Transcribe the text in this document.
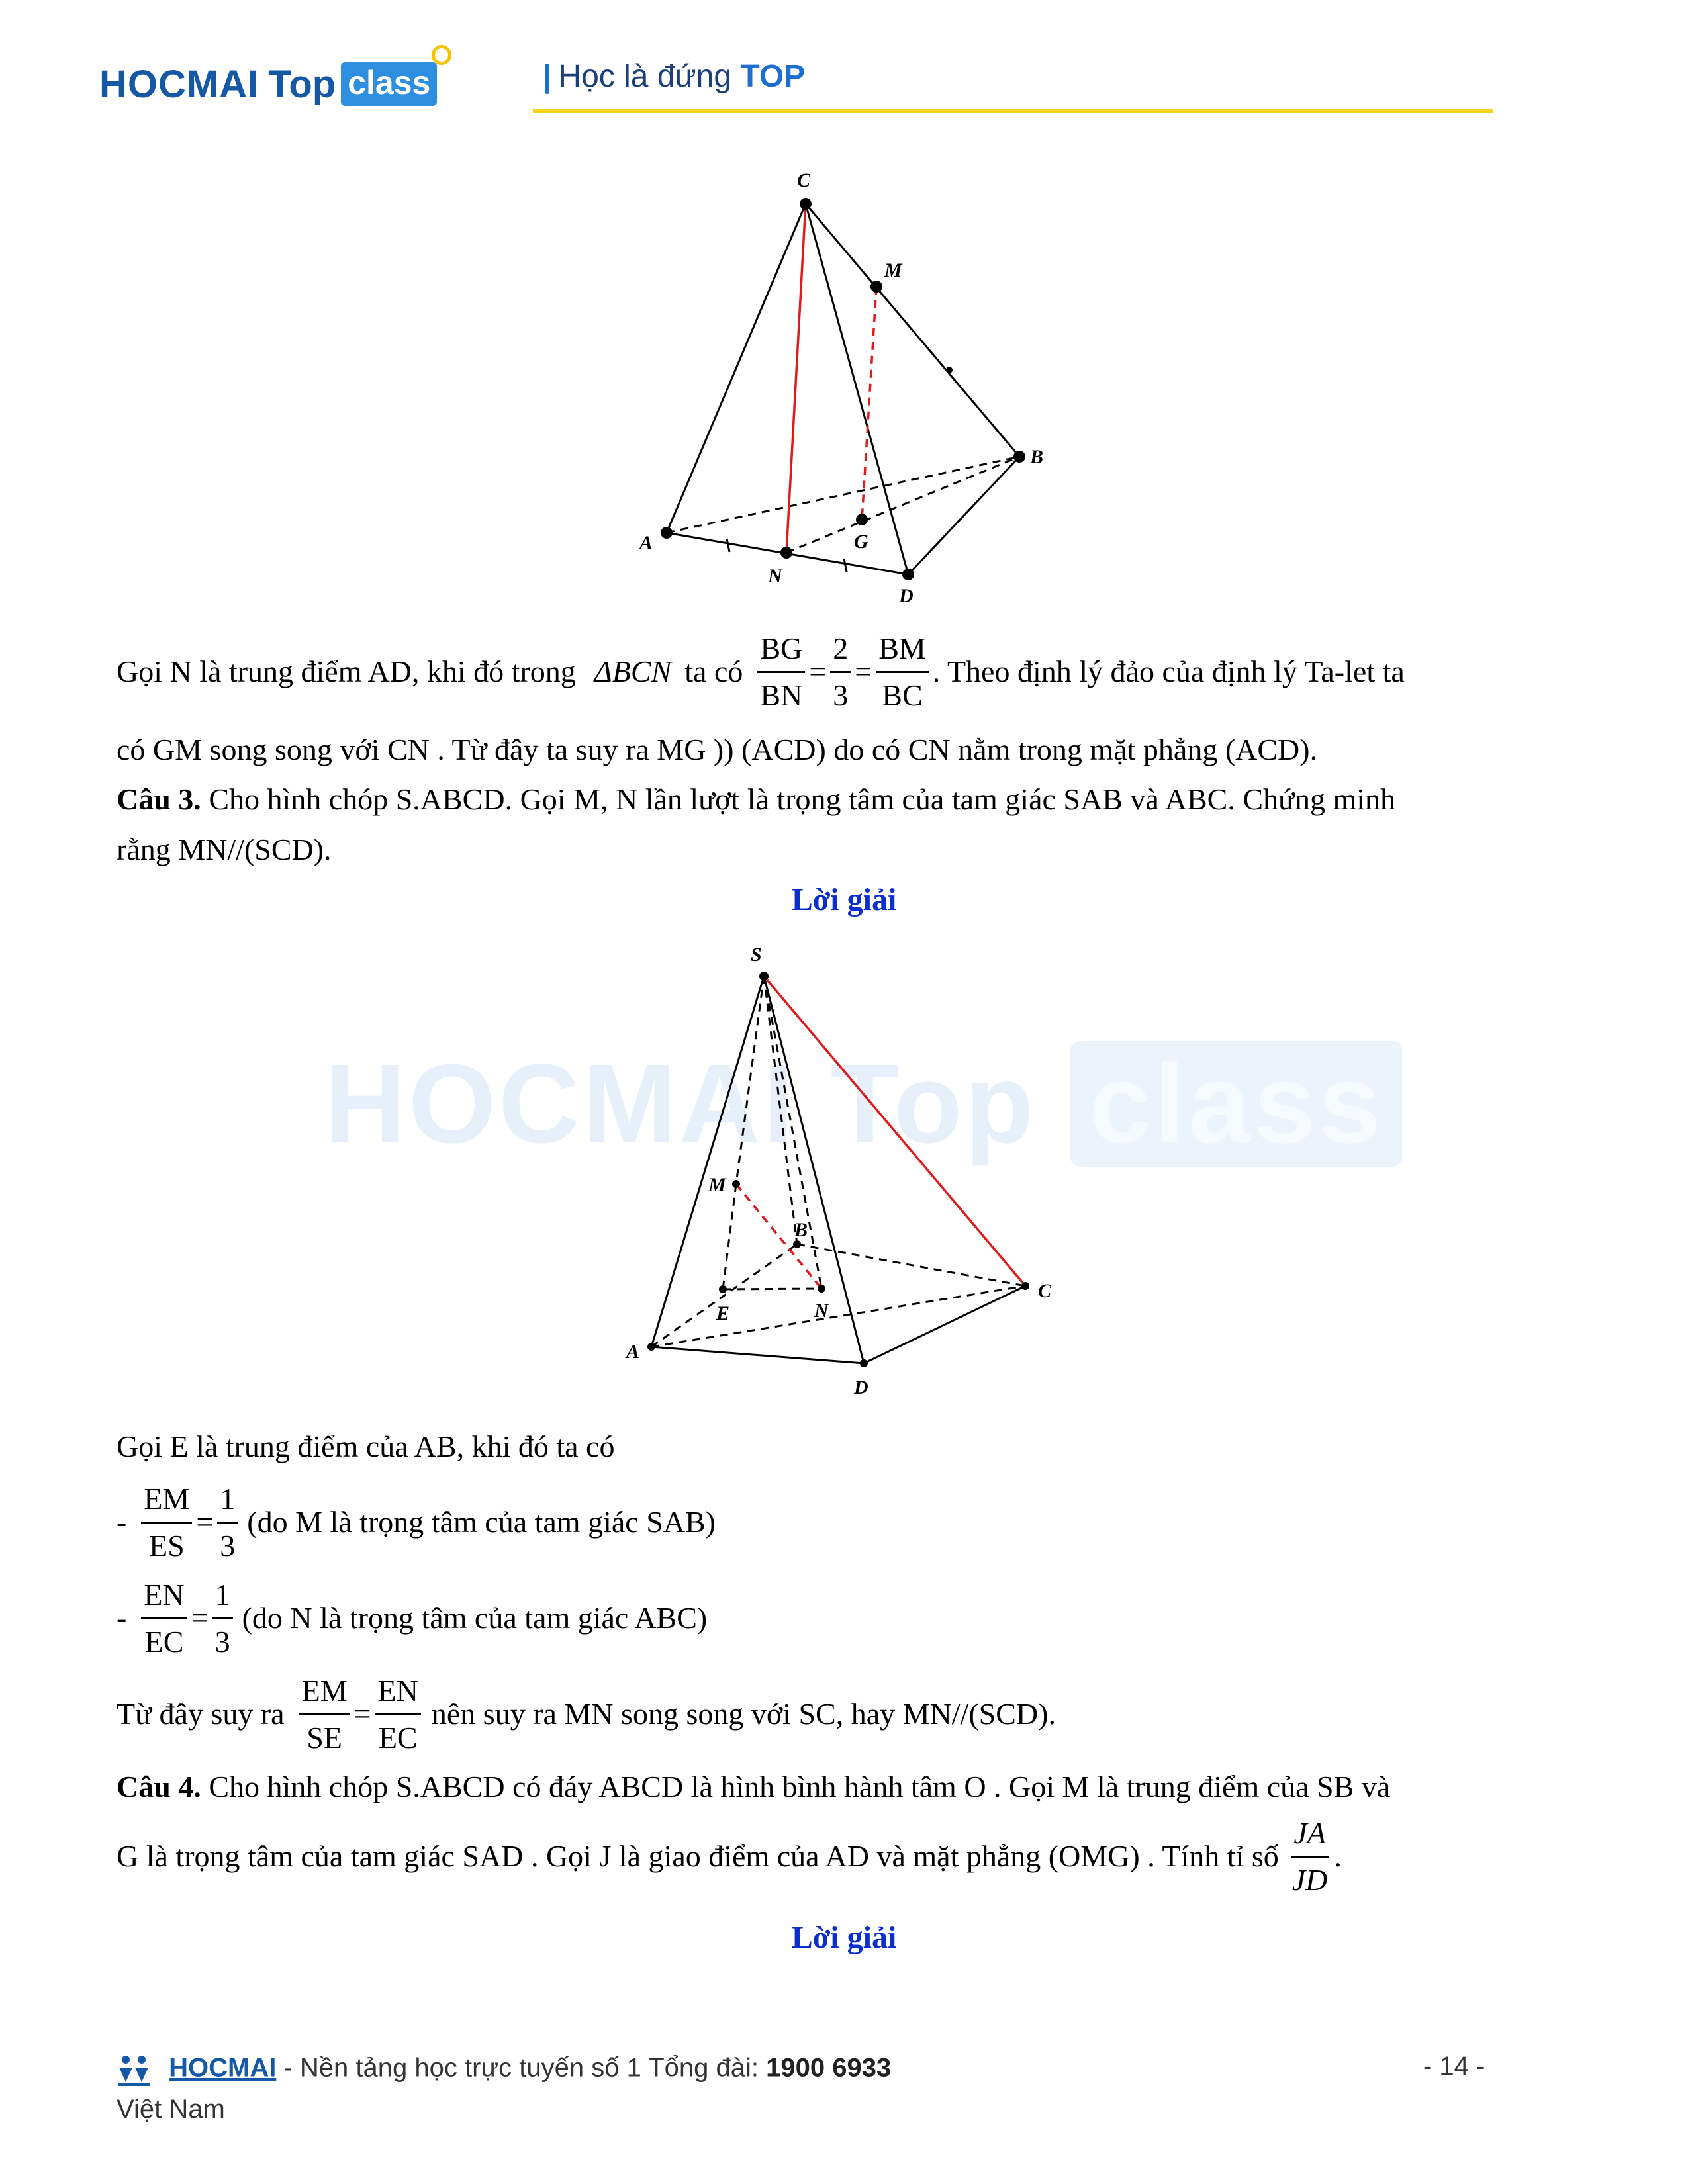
HOCMAI Top class	| Học là đứng TOP
C
M
B
A	G
N
D
Gọi N là trung điểm AD, khi đó trong ΔBCN ta có $\frac{BG}{BN} = \frac{2}{3} = \frac{BM}{BC}$ . Theo định lý đảo của định lý Ta-let ta
có GM song song với CN . Từ đây ta suy ra MG )) (ACD) do có CN nằm trong mặt phẳng (ACD).
Câu 3. Cho hình chóp S.ABCD. Gọi M, N lần lượt là trọng tâm của tam giác SAB và ABC. Chứng minh
rằng MN//(SCD).
Lời giải
HOCMAI Top class
S
M
B
C
E	N
A
D
Gọi E là trung điểm của AB, khi đó ta có
- $\frac{EM}{ES} = \frac{1}{3} (do$ M là trọng tâm của tam giác SAB)
- $\frac{EN}{EC} = \frac{1}{3} (do$ N là trọng tâm của tam giác ABC)
Từ đây suy ra $\frac{EM}{SE} = \frac{EN}{EC}$ nên suy ra MN song song với SC, hay MN//(SCD).
Câu 4. Cho hình chóp S.ABCD có đáy ABCD là hình bình hành tâm O . Gọi M là trung điểm của SB và
G là trọng tâm của tam giác SAD . Gọi J là giao điểm của AD và mặt phẳng (OMG) . Tính tỉ số $\frac{JA}{JD}$ .
Lời giải
HOCMAI - Nền tảng học trực tuyến số 1 Tổng đài: 1900 6933	- 14 -
Việt Nam
